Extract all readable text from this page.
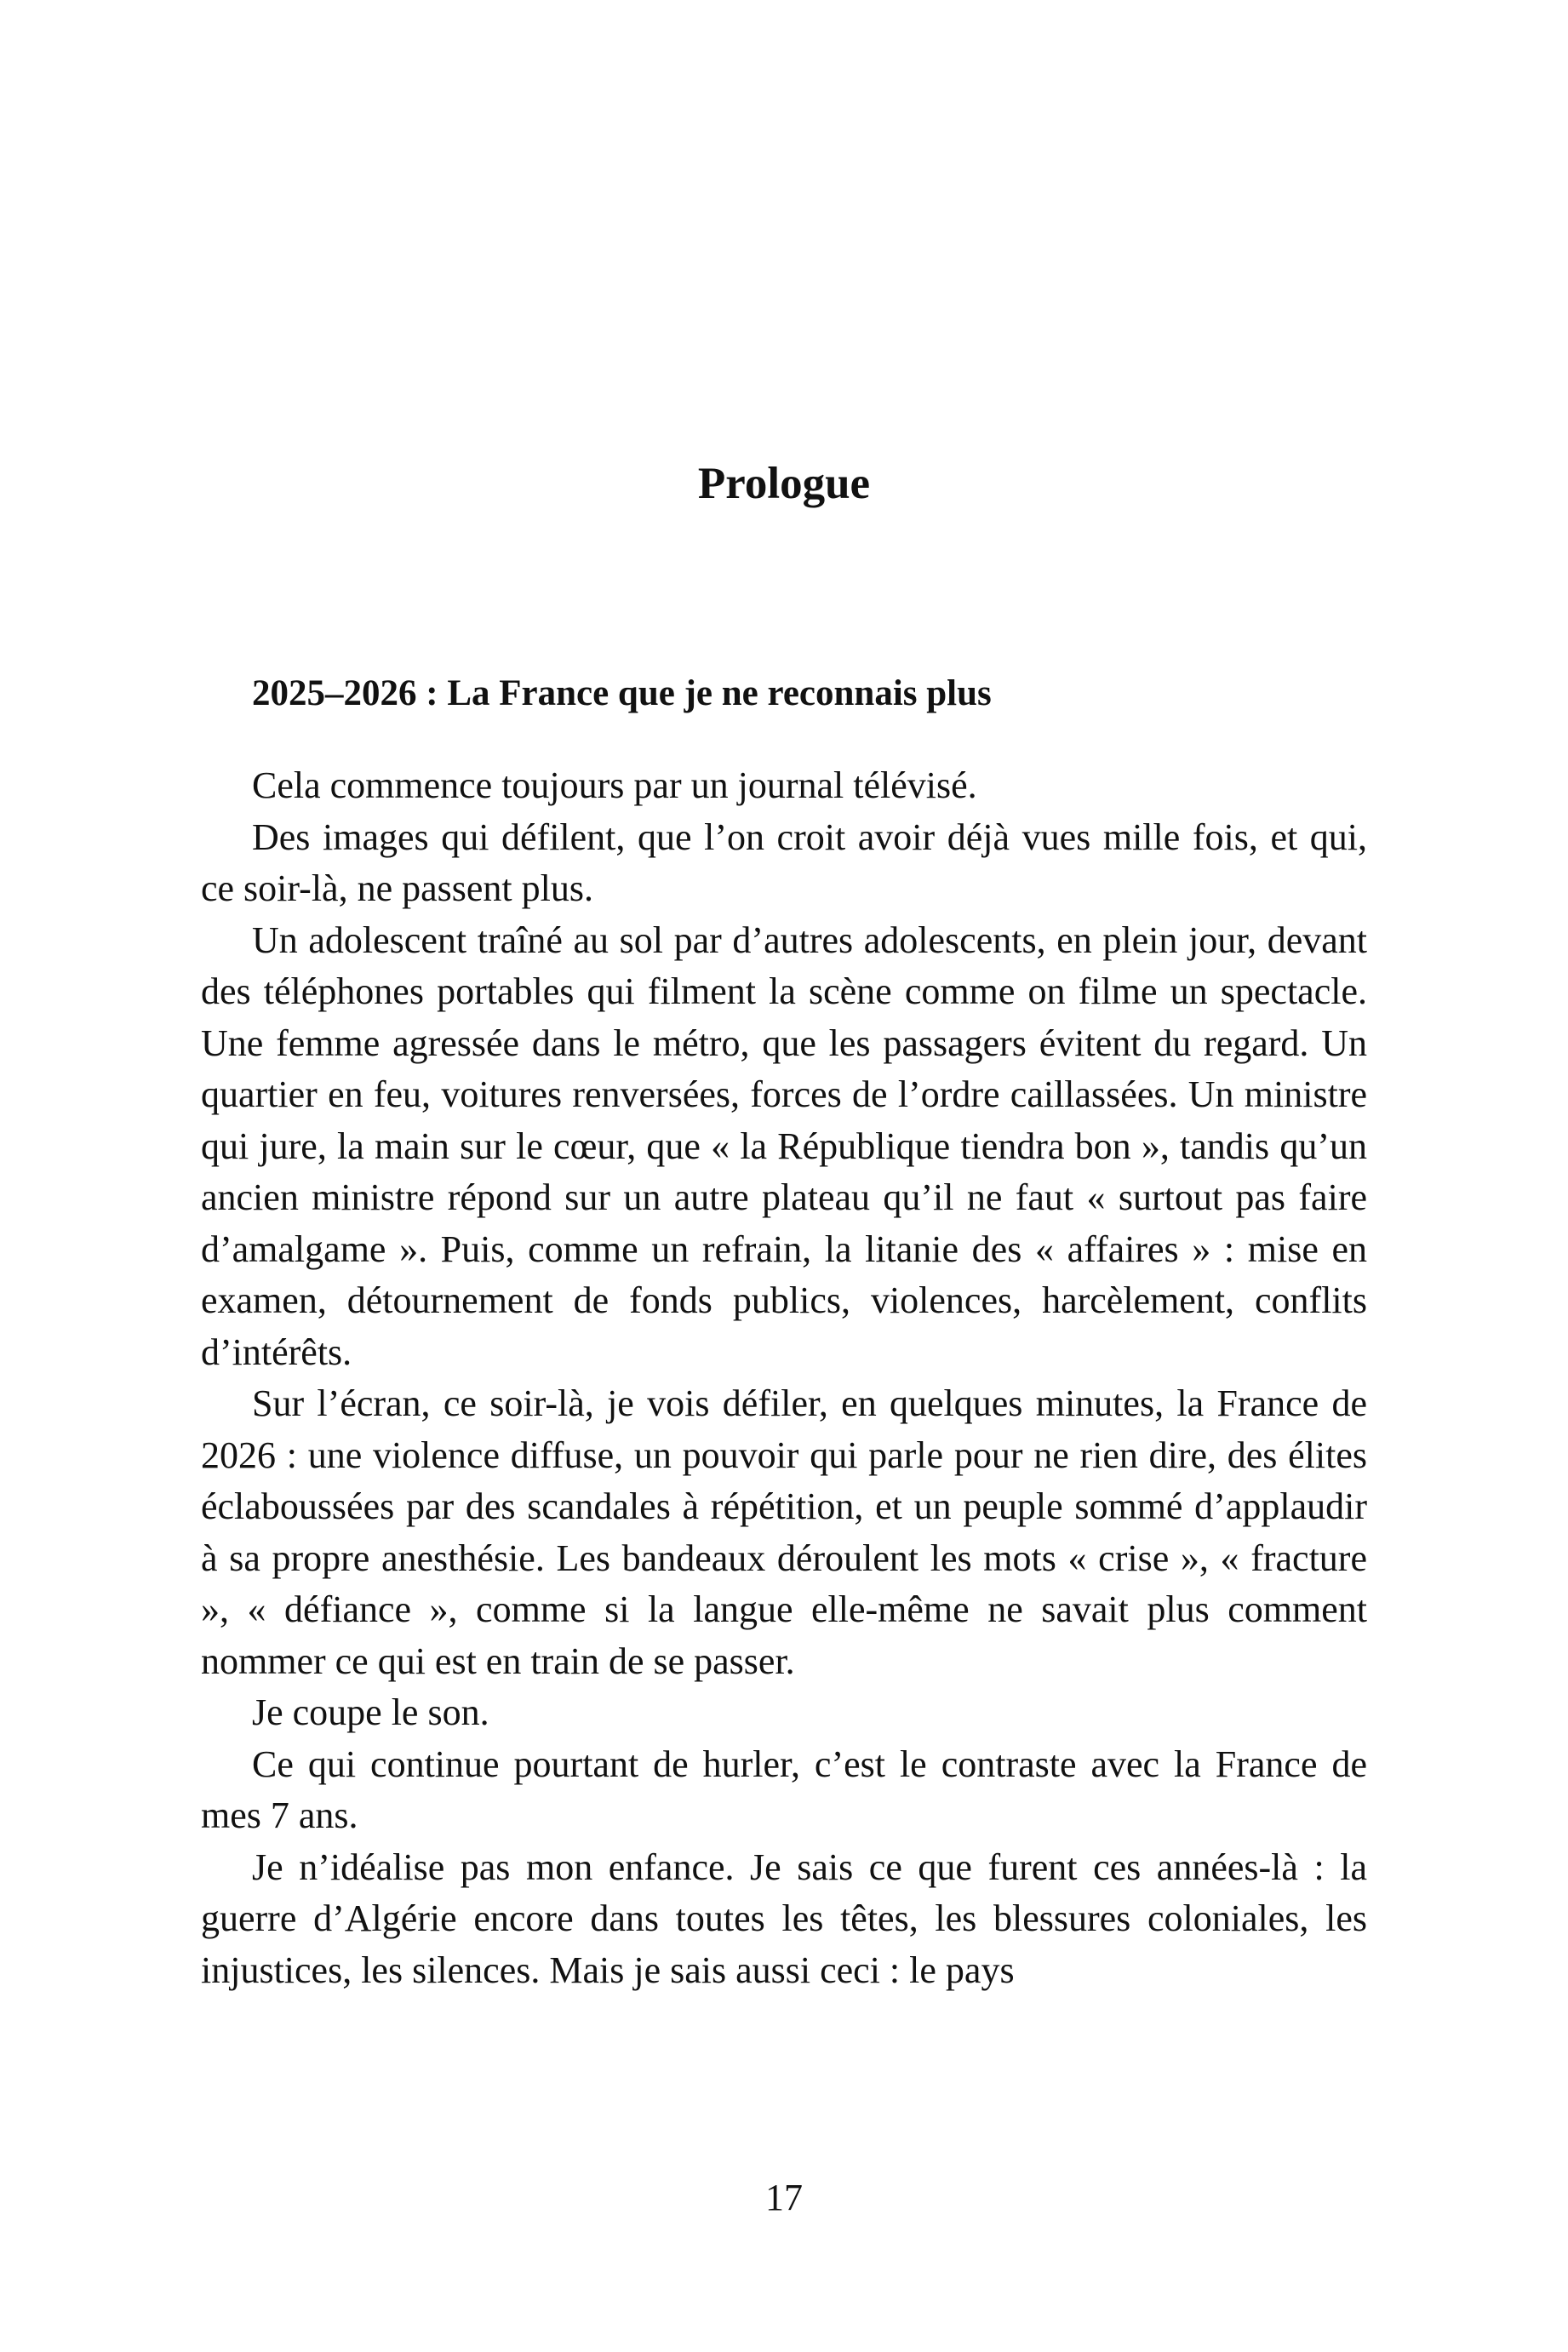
Prologue
2025–2026 : La France que je ne reconnais plus

Cela commence toujours par un journal télévisé.

Des images qui défilent, que l’on croit avoir déjà vues mille fois, et qui, ce soir-là, ne passent plus.

Un adolescent traîné au sol par d’autres adolescents, en plein jour, devant des téléphones portables qui filment la scène comme on filme un spectacle. Une femme agressée dans le métro, que les passagers évitent du regard. Un quartier en feu, voitures renversées, forces de l’ordre caillassées. Un ministre qui jure, la main sur le cœur, que « la République tiendra bon », tandis qu’un ancien ministre répond sur un autre plateau qu’il ne faut « surtout pas faire d’amalgame ». Puis, comme un refrain, la litanie des « affaires » : mise en examen, détournement de fonds publics, violences, harcèlement, conflits d’intérêts.

Sur l’écran, ce soir-là, je vois défiler, en quelques minutes, la France de 2026 : une violence diffuse, un pouvoir qui parle pour ne rien dire, des élites éclaboussées par des scandales à répétition, et un peuple sommé d’applaudir à sa propre anesthésie. Les bandeaux déroulent les mots « crise », « fracture », « défiance », comme si la langue elle-même ne savait plus comment nommer ce qui est en train de se passer.

Je coupe le son.

Ce qui continue pourtant de hurler, c’est le contraste avec la France de mes 7 ans.

Je n’idéalise pas mon enfance. Je sais ce que furent ces années-là : la guerre d’Algérie encore dans toutes les têtes, les blessures coloniales, les injustices, les silences. Mais je sais aussi ceci : le pays

17
